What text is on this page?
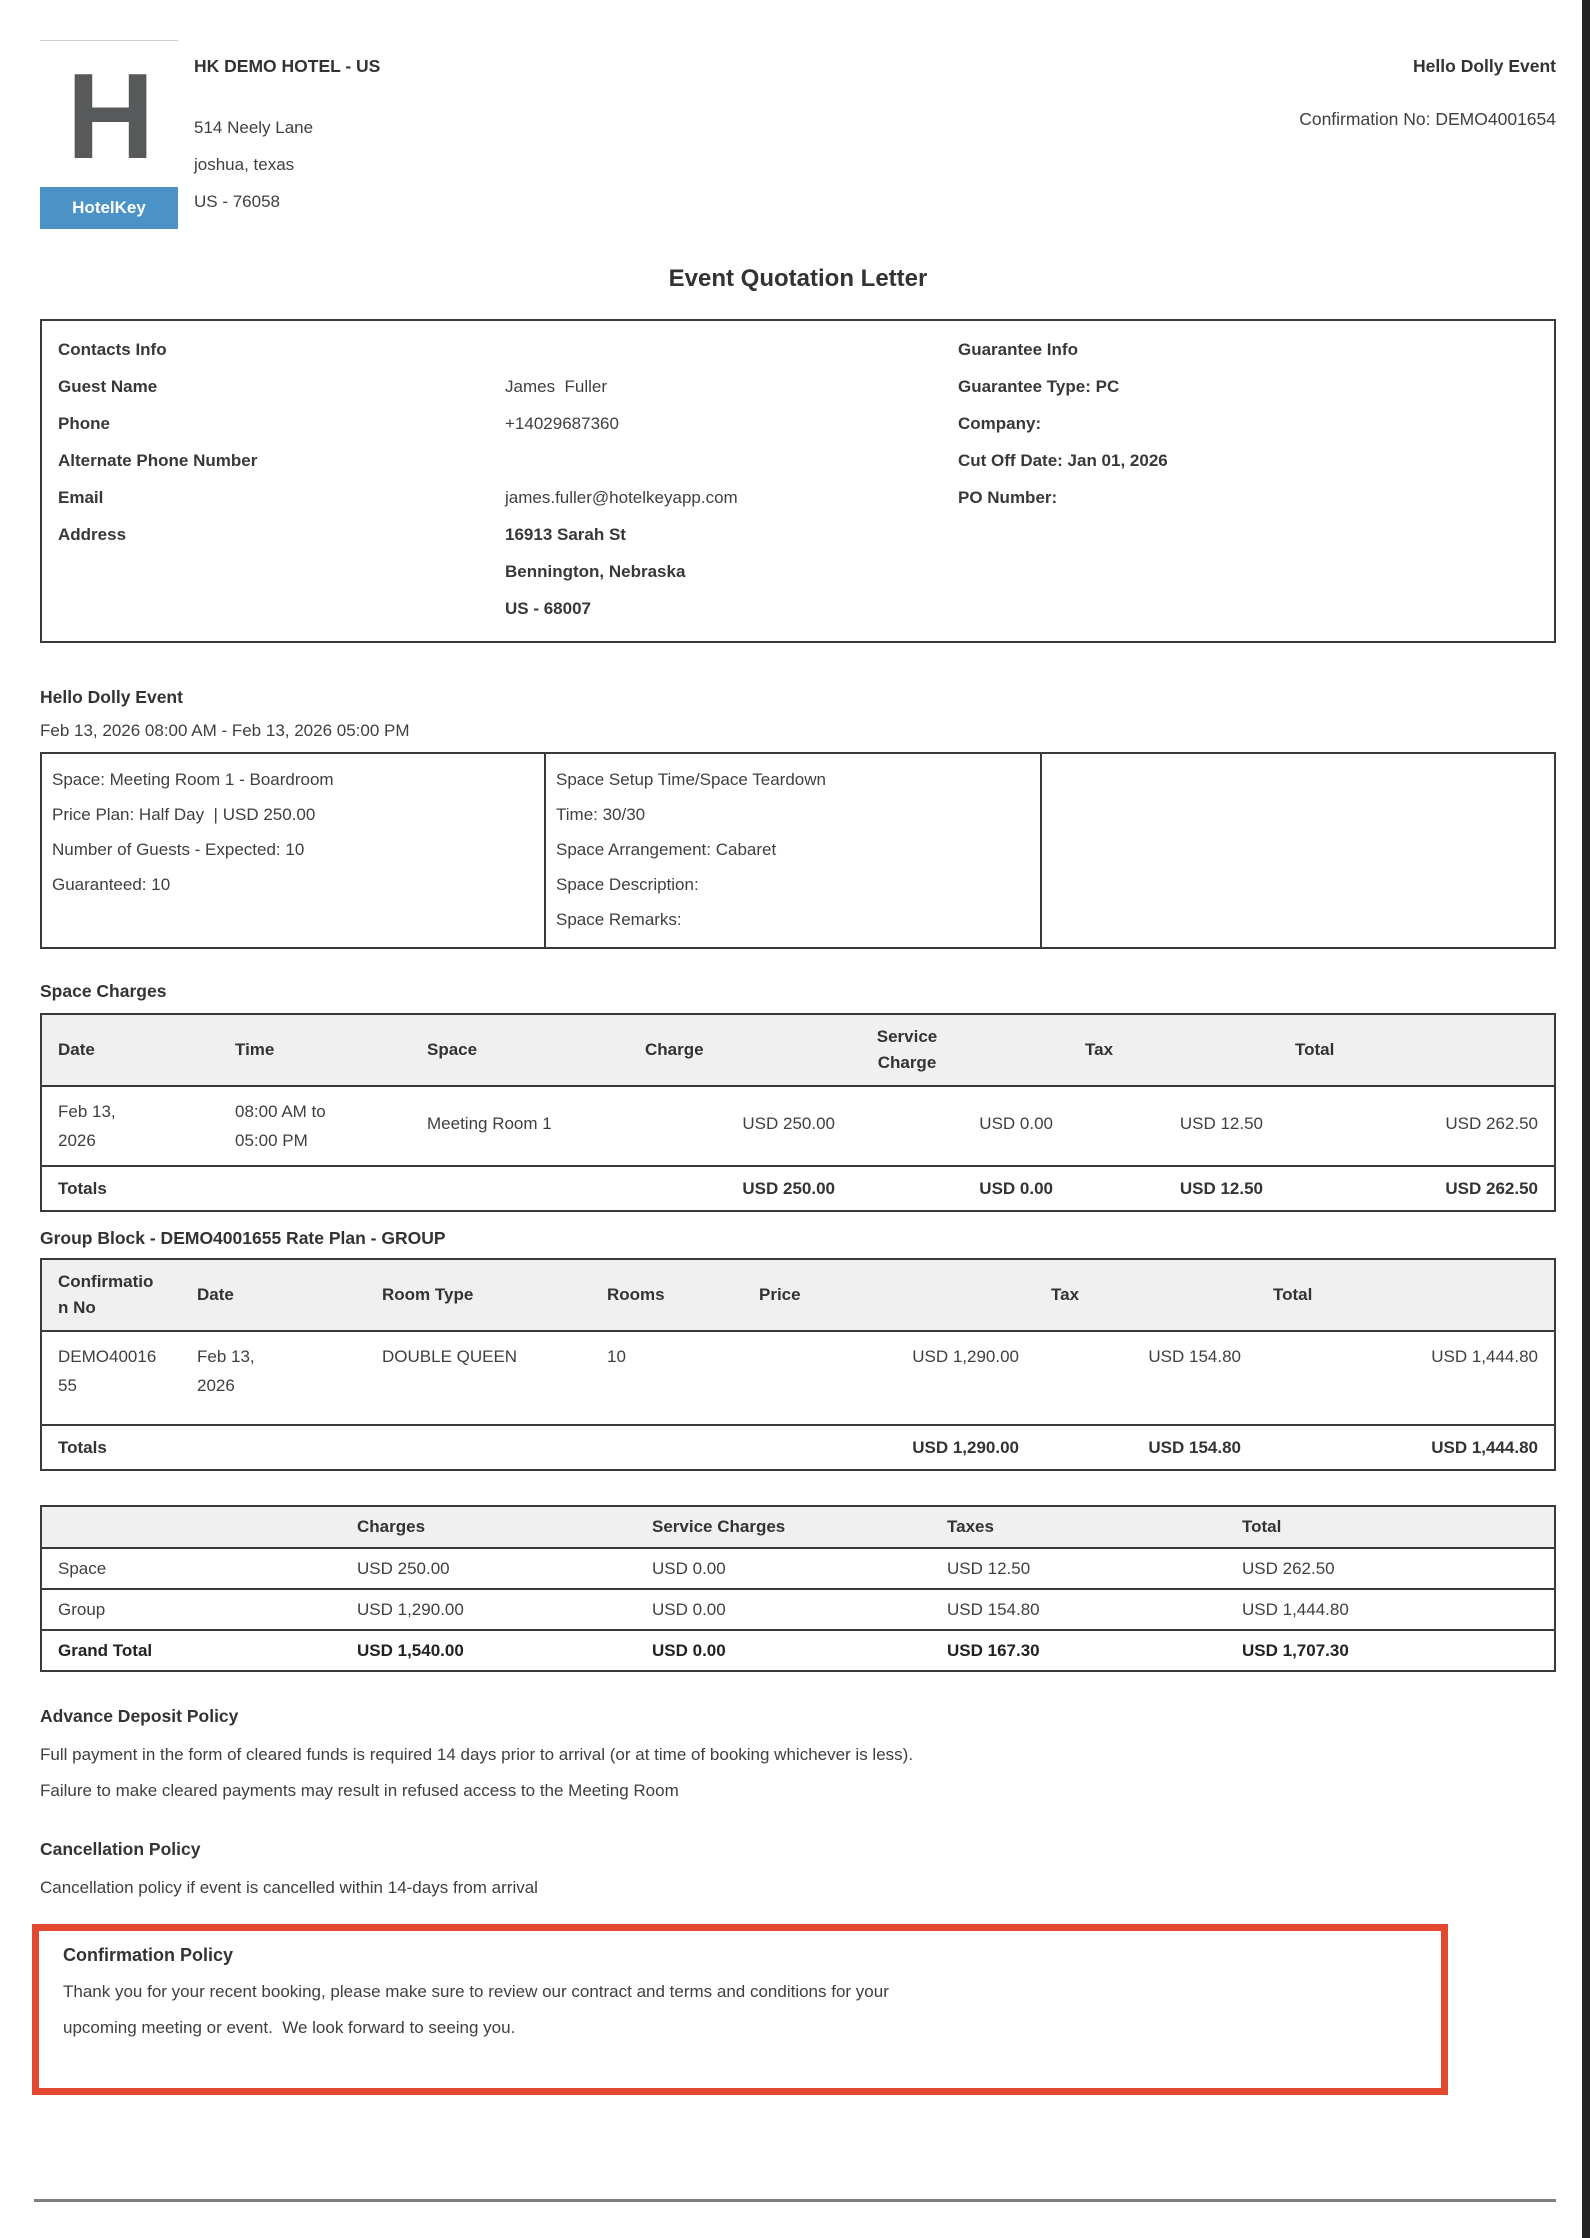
H
HotelKey
HK DEMO HOTEL - US
514 Neely Lane
joshua, texas
US - 76058
Hello Dolly Event
Confirmation No: DEMO4001654
Event Quotation Letter
Contacts Info
Guest Name	James  Fuller
Phone	+14029687360
Alternate Phone Number
Email	james.fuller@hotelkeyapp.com
Address	16913 Sarah St
Bennington, Nebraska
US - 68007
Guarantee Info
Guarantee Type: PC
Company:
Cut Off Date: Jan 01, 2026
PO Number:
Hello Dolly Event
Feb 13, 2026 08:00 AM - Feb 13, 2026 05:00 PM
Space: Meeting Room 1 - Boardroom
Price Plan: Half Day  | USD 250.00
Number of Guests - Expected: 10
Guaranteed: 10
Space Setup Time/Space Teardown
Time: 30/30
Space Arrangement: Cabaret
Space Description:
Space Remarks:
Space Charges
Date	Time	Space	Charge	Service Charge	Tax	Total

Feb 13, 2026	08:00 AM to 05:00 PM	Meeting Room 1	USD 250.00	USD 0.00	USD 12.50	USD 262.50
Totals			USD 250.00	USD 0.00	USD 12.50	USD 262.50
Group Block - DEMO4001655 Rate Plan - GROUP
Confirmation No	Date	Room Type	Rooms	Price	Tax	Total

DEMO4001655	Feb 13, 2026	DOUBLE QUEEN	10	USD 1,290.00	USD 154.80	USD 1,444.80
Totals				USD 1,290.00	USD 154.80	USD 1,444.80
	Charges	Service Charges	Taxes	Total
Space	USD 250.00	USD 0.00	USD 12.50	USD 262.50
Group	USD 1,290.00	USD 0.00	USD 154.80	USD 1,444.80
Grand Total	USD 1,540.00	USD 0.00	USD 167.30	USD 1,707.30
Advance Deposit Policy
Full payment in the form of cleared funds is required 14 days prior to arrival (or at time of booking whichever is less).
Failure to make cleared payments may result in refused access to the Meeting Room
Cancellation Policy
Cancellation policy if event is cancelled within 14-days from arrival
Confirmation Policy
Thank you for your recent booking, please make sure to review our contract and terms and conditions for your
upcoming meeting or event.  We look forward to seeing you.
